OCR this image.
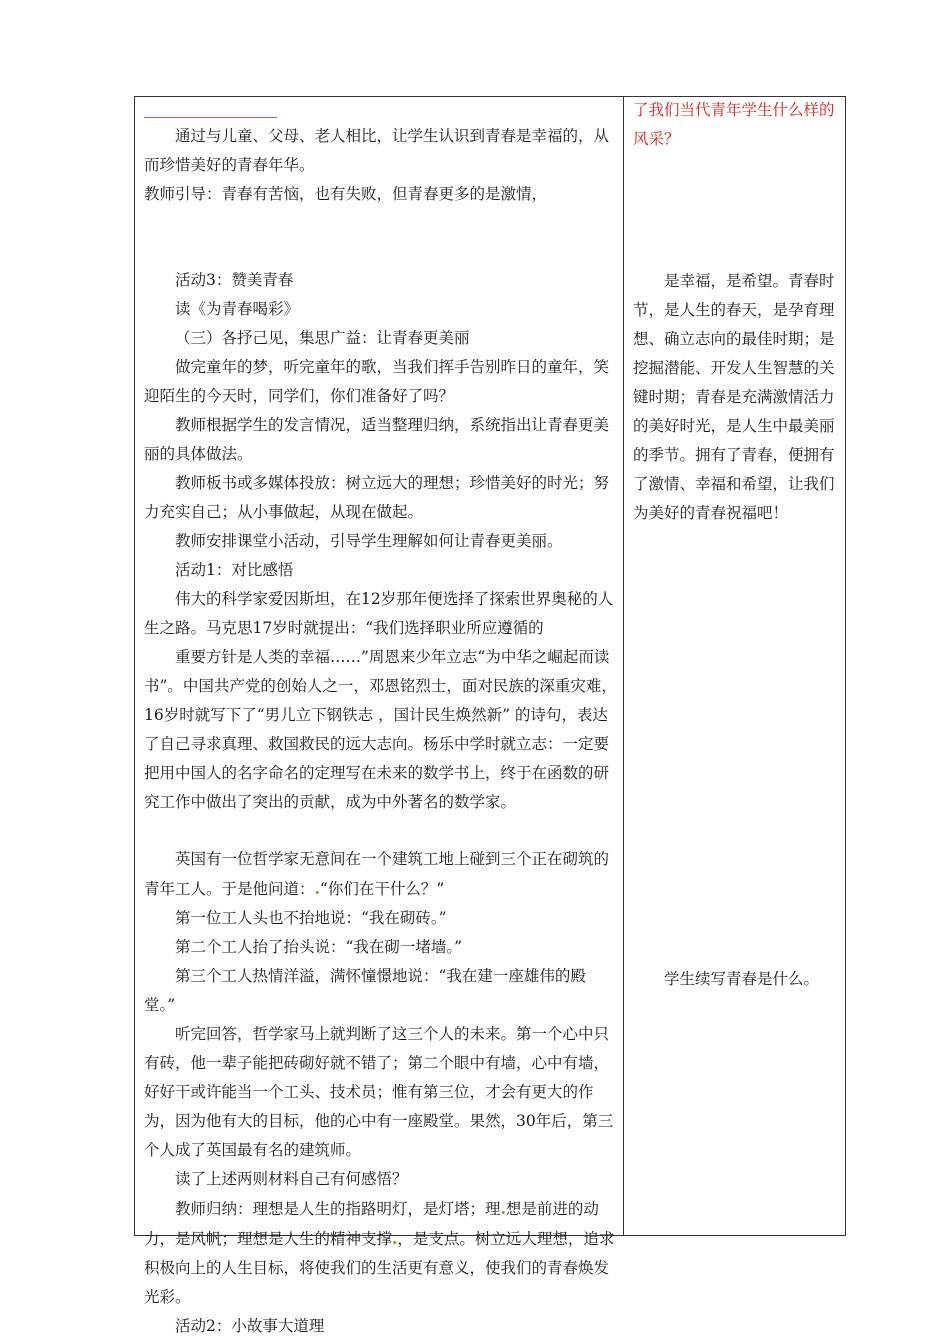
通过与儿童、父母、老人相比，让学生认识到青春是幸福的，从而珍惜美好的青春年华。

教师引导：青春有苦恼，也有失败，但青春更多的是激情，

活动3：赞美青春

读《为青春喝彩》

（三）各抒己见，集思广益：让青春更美丽

做完童年的梦，听完童年的歌，当我们挥手告别昨日的童年，笑迎陌生的今天时，同学们，你们准备好了吗？

教师根据学生的发言情况，适当整理归纳，系统指出让青春更美丽的具体做法。

教师板书或多媒体投放：树立远大的理想；珍惜美好的时光；努力充实自己；从小事做起，从现在做起。

教师安排课堂小活动，引导学生理解如何让青春更美丽。

活动1：对比感悟

伟大的科学家爱因斯坦，在12岁那年便选择了探索世界奥秘的人生之路。马克思17岁时就提出：“我们选择职业所应遵循的

重要方针是人类的幸福……”周恩来少年立志“为中华之崛起而读书”。中国共产党的创始人之一，邓恩铭烈士，面对民族的深重灾难，16岁时就写下了“男儿立下钢铁志 ，国计民生焕然新” 的诗句，表达了自己寻求真理、救国救民的远大志向。杨乐中学时就立志：一定要把用中国人的名字命名的定理写在未来的数学书上，终于在函数的研究工作中做出了突出的贡献，成为中外著名的数学家。

英国有一位哲学家无意间在一个建筑工地上碰到三个正在砌筑的青年工人。于是他问道：.“你们在干什么？”

第一位工人头也不抬地说：“我在砌砖。”

第二个工人抬了抬头说：“我在砌一堵墙。”

第三个工人热情洋溢，满怀憧憬地说：“我在建一座雄伟的殿堂。”

听完回答，哲学家马上就判断了这三个人的未来。第一个心中只有砖，他一辈子能把砖砌好就不错了；第二个眼中有墙，心中有墙，好好干或许能当一个工头、技术员；惟有第三位，才会有更大的作为，因为他有大的目标，他的心中有一座殿堂。果然，30年后，第三个人成了英国最有名的建筑师。

读了上述两则材料自己有何感悟？

教师归纳：理想是人生的指路明灯，是灯塔；理.想是前进的动力，是风帆；理想是人生的精神支撑.，是支点。树立远大理想，追求积极向上的人生目标，将使我们的生活更有意义，使我们的青春焕发光彩。

活动2：小故事大道理

了我们当代青年学生什么样的风采？

是幸福，是希望。青春时节，是人生的春天，是孕育理想、确立志向的最佳时期；是挖掘潜能、开发人生智慧的关键时期；青春是充满激情活力的美好时光，是人生中最美丽的季节。拥有了青春，便拥有了激情、幸福和希望，让我们为美好的青春祝福吧！

学生续写青春是什么。
